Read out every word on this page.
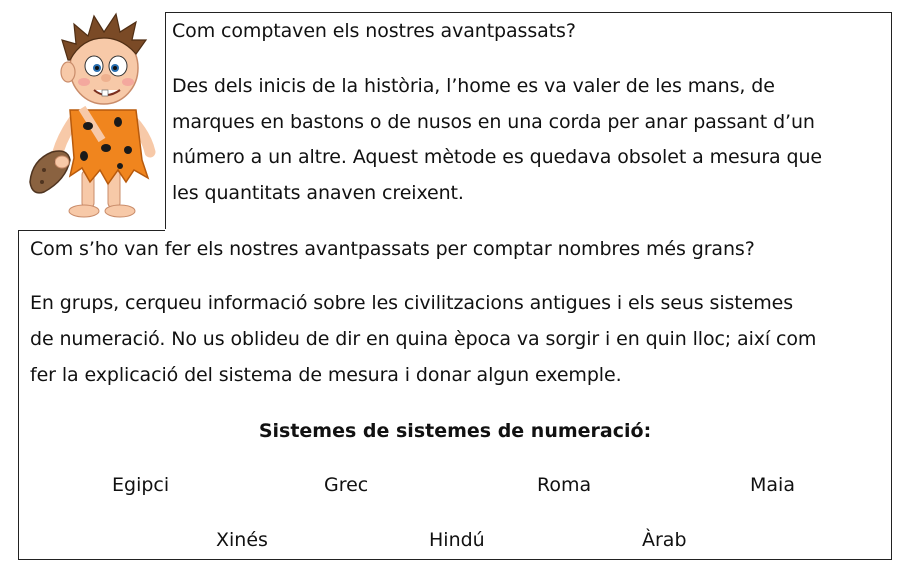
Com comptaven els nostres avantpassats?
Des dels inicis de la història, l’home es va valer de les mans, de
marques en bastons o de nusos en una corda per anar passant d’un
número a un altre. Aquest mètode es quedava obsolet a mesura que
les quantitats anaven creixent.
Com s’ho van fer els nostres avantpassats per comptar nombres més grans?
En grups, cerqueu informació sobre les civilitzacions antigues i els seus sistemes
de numeració. No us oblideu de dir en quina època va sorgir i en quin lloc; així com
fer la explicació del sistema de mesura i donar algun exemple.
Sistemes de sistemes de numeració:
Egipci	Grec	Roma	Maia
Xinés	Hindú	Àrab
